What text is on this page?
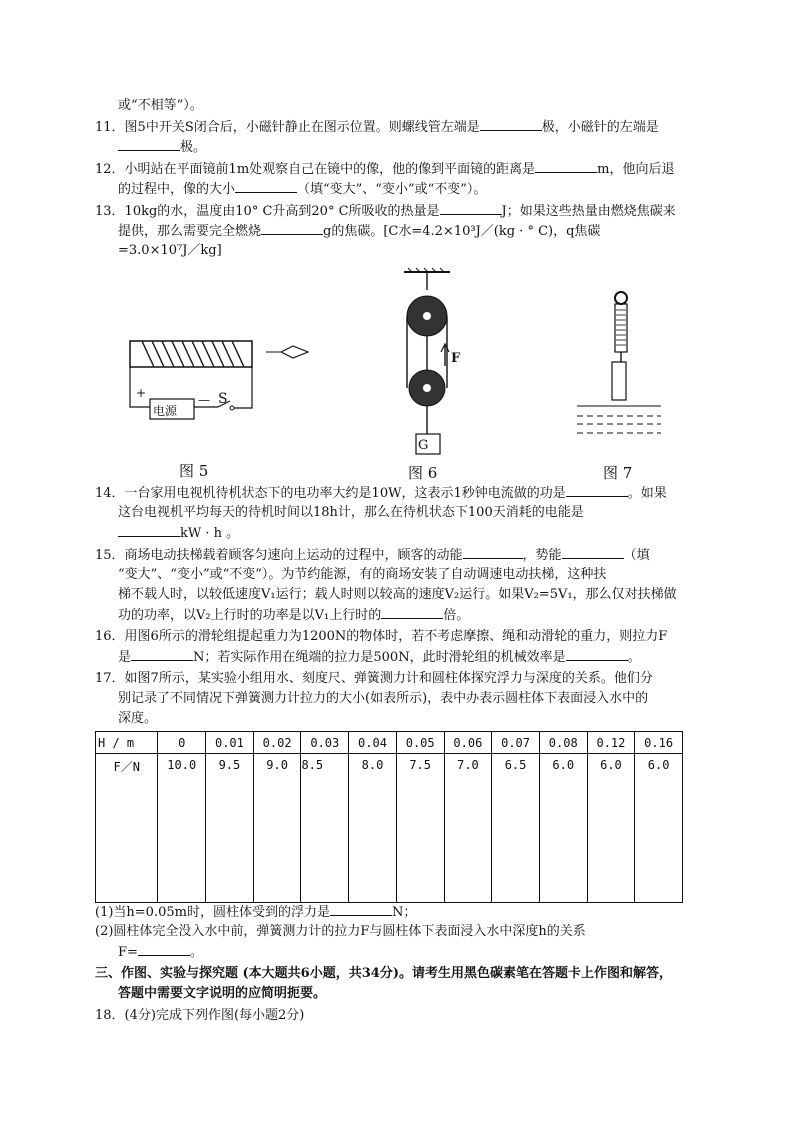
或“不相等”）。
11．图5中开关S闭合后，小磁针静止在图示位置。则螺线管左端是	极，小磁针的左端是
极。
12．小明站在平面镜前1m处观察自己在镜中的像，他的像到平面镜的距离是	m，他向后退
的过程中，像的大小	（填“变大”、“变小”或“不变”）。
13．10kg的水，温度由10° C升高到20° C所吸收的热量是	J；如果这些热量由燃烧焦碳来
提供，那么需要完全燃烧	g的焦碳。[C水=4.2×10³J／(kg · ° C)，q焦碳
=3.0×10⁷J／kg]
+
电源
— S
F
G
图 5	图 6	图 7
14．一台家用电视机待机状态下的电功率大约是10W，这表示1秒钟电流做的功是	。如果
这台电视机平均每天的待机时间以18h计，那么在待机状态下100天消耗的电能是
kW · h 。
15．商场电动扶梯载着顾客匀速向上运动的过程中，顾客的动能	，势能	（填
“变大”、“变小”或“不变”）。为节约能源，有的商场安装了自动调速电动扶梯，这种扶
梯不载人时，以较低速度V₁运行；载人时则以较高的速度V₂运行。如果V₂=5V₁，那么仅对扶梯做
功的功率，以V₂上行时的功率是以V₁上行时的	倍。
16．用图6所示的滑轮组提起重力为1200N的物体时，若不考虑摩擦、绳和动滑轮的重力，则拉力F
是	N；若实际作用在绳端的拉力是500N，此时滑轮组的机械效率是	。
17．如图7所示，某实验小组用水、刻度尺、弹簧测力计和圆柱体探究浮力与深度的关系。他们分
别记录了不同情况下弹簧测力计拉力的大小(如表所示)，表中办表示圆柱体下表面浸入水中的
深度。
H / m	0	0.01	0.02	0.03	0.04	0.05	0.06	0.07	0.08	0.12	0.16
F／N	10.0	9.5	9.0	8.5	8.0	7.5	7.0	6.5	6.0	6.0	6.0
(1)当h=0.05m时，圆柱体受到的浮力是	N；
(2)圆柱体完全没入水中前，弹簧测力计的拉力F与圆柱体下表面浸入水中深度h的关系
F=	。
三、作图、实验与探究题 (本大题共6小题，共34分)。请考生用黑色碳素笔在答题卡上作图和解答，
答题中需要文字说明的应简明扼要。
18．(4分)完成下列作图(每小题2分)
